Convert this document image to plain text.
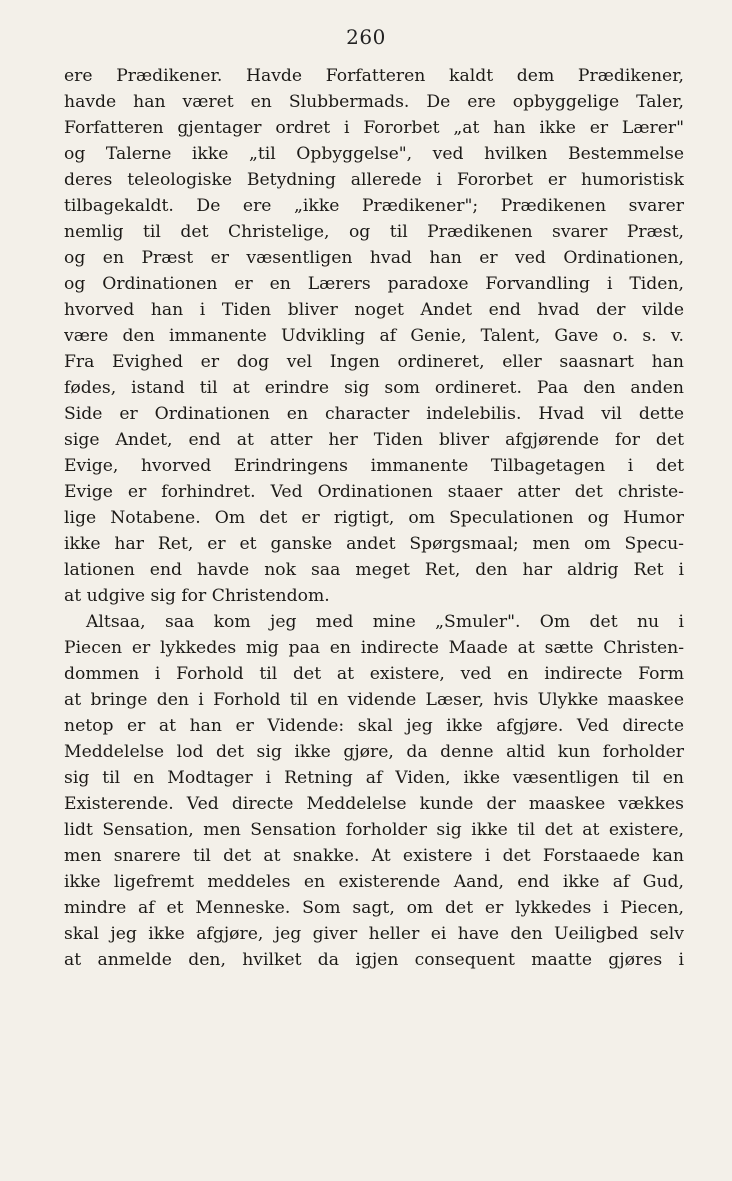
260
ere Prædikener. Havde Forfatteren kaldt dem Prædikener,
havde han været en Slubbermads. De ere opbyggelige Taler,
Forfatteren gjentager ordret i Fororbet „at han ikke er Lærer"
og Talerne ikke „til Opbyggelse", ved hvilken Bestemmelse
deres teleologiske Betydning allerede i Fororbet er humoristisk
tilbagekaldt. De ere „ikke Prædikener"; Prædikenen svarer
nemlig til det Christelige, og til Prædikenen svarer Præst,
og en Præst er væsentligen hvad han er ved Ordinationen,
og Ordinationen er en Lærers paradoxe Forvandling i Tiden,
hvorved han i Tiden bliver noget Andet end hvad der vilde
være den immanente Udvikling af Genie, Talent, Gave o. s. v.
Fra Evighed er dog vel Ingen ordineret, eller saasnart han
fødes, istand til at erindre sig som ordineret. Paa den anden
Side er Ordinationen en character indelebilis. Hvad vil dette
sige Andet, end at atter her Tiden bliver afgjørende for det
Evige, hvorved Erindringens immanente Tilbagetagen i det
Evige er forhindret. Ved Ordinationen staaer atter det christe-
lige Notabene. Om det er rigtigt, om Speculationen og Humor
ikke har Ret, er et ganske andet Spørgsmaal; men om Specu-
lationen end havde nok saa meget Ret, den har aldrig Ret i
at udgive sig for Christendom.
Altsaa, saa kom jeg med mine „Smuler". Om det nu i
Piecen er lykkedes mig paa en indirecte Maade at sætte Christen-
dommen i Forhold til det at existere, ved en indirecte Form
at bringe den i Forhold til en vidende Læser, hvis Ulykke maaskee
netop er at han er Vidende: skal jeg ikke afgjøre. Ved directe
Meddelelse lod det sig ikke gjøre, da denne altid kun forholder
sig til en Modtager i Retning af Viden, ikke væsentligen til en
Existerende. Ved directe Meddelelse kunde der maaskee vækkes
lidt Sensation, men Sensation forholder sig ikke til det at existere,
men snarere til det at snakke. At existere i det Forstaaede kan
ikke ligefremt meddeles en existerende Aand, end ikke af Gud,
mindre af et Menneske. Som sagt, om det er lykkedes i Piecen,
skal jeg ikke afgjøre, jeg giver heller ei have den Ueiligbed selv
at anmelde den, hvilket da igjen consequent maatte gjøres i
